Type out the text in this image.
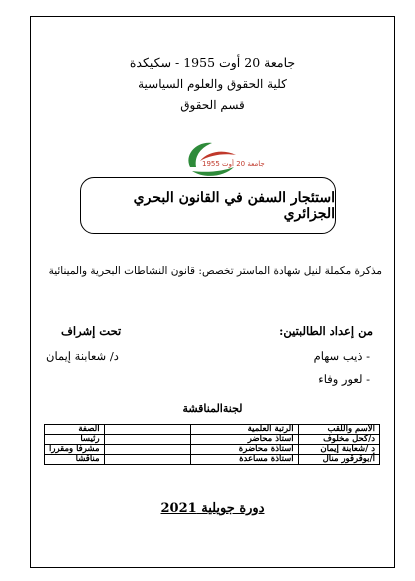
جامعة 20 أوت 1955 - سكيكدة
كلية الحقوق والعلوم السياسية
قسم الحقوق
جامعة 20 أوت 1955
استئجار السفن في القانون البحري الجزائري
مذكرة مكملة لنيل شهادة الماستر تخصص: قانون النشاطات البحرية والمينائية
من إعداد الطالبتين:
- ذيب سهام
- لعور وفاء
تحت إشراف
د/ شعابنة إيمان
لجنةالمناقشة
الاسم واللقب	الرتبة العلمية		الصفة
د/كحل مخلوف	استاذ محاضر		رئيسا
د /شعابنة إيمان	استاذة محاضرة		مشرفا ومقررا
أ/بوقرقور منال	استاذة مساعدة		مناقشا
دورة جويلية 2021
